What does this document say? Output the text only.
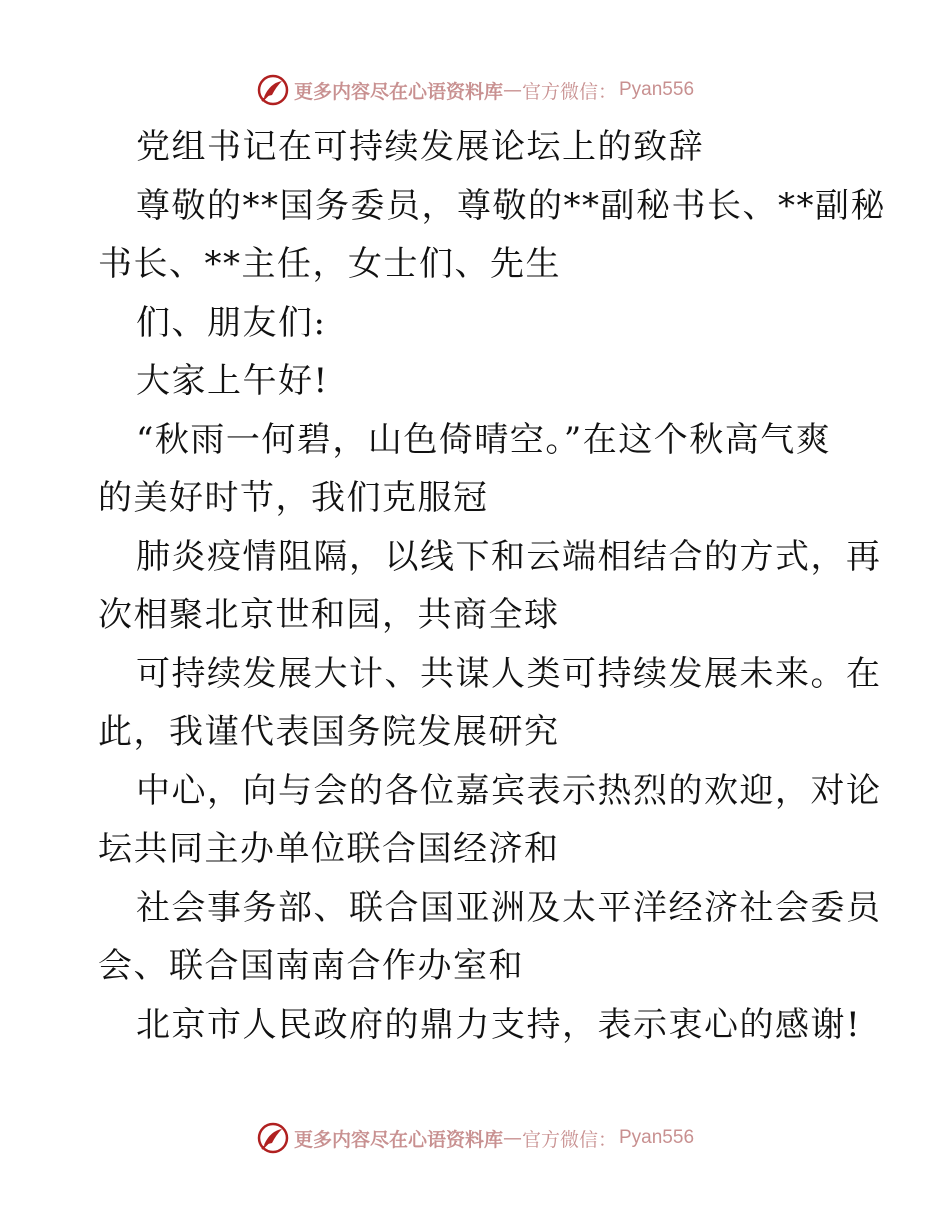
更多内容尽在心语资料库 — 官方微信： Pyan556
党组书记在可持续发展论坛上的致辞
尊敬的**国务委员，尊敬的**副秘书长、**副秘
书长、**主任，女士们、先生
们、朋友们:
大家上午好!
“秋雨一何碧，山色倚晴空。”在这个秋高气爽
的美好时节，我们克服冠
肺炎疫情阻隔，以线下和云端相结合的方式，再
次相聚北京世和园，共商全球
可持续发展大计、共谋人类可持续发展未来。在
此，我谨代表国务院发展研究
中心，向与会的各位嘉宾表示热烈的欢迎，对论
坛共同主办单位联合国经济和
社会事务部、联合国亚洲及太平洋经济社会委员
会、联合国南南合作办室和
北京市人民政府的鼎力支持，表示衷心的感谢!
更多内容尽在心语资料库 — 官方微信： Pyan556
